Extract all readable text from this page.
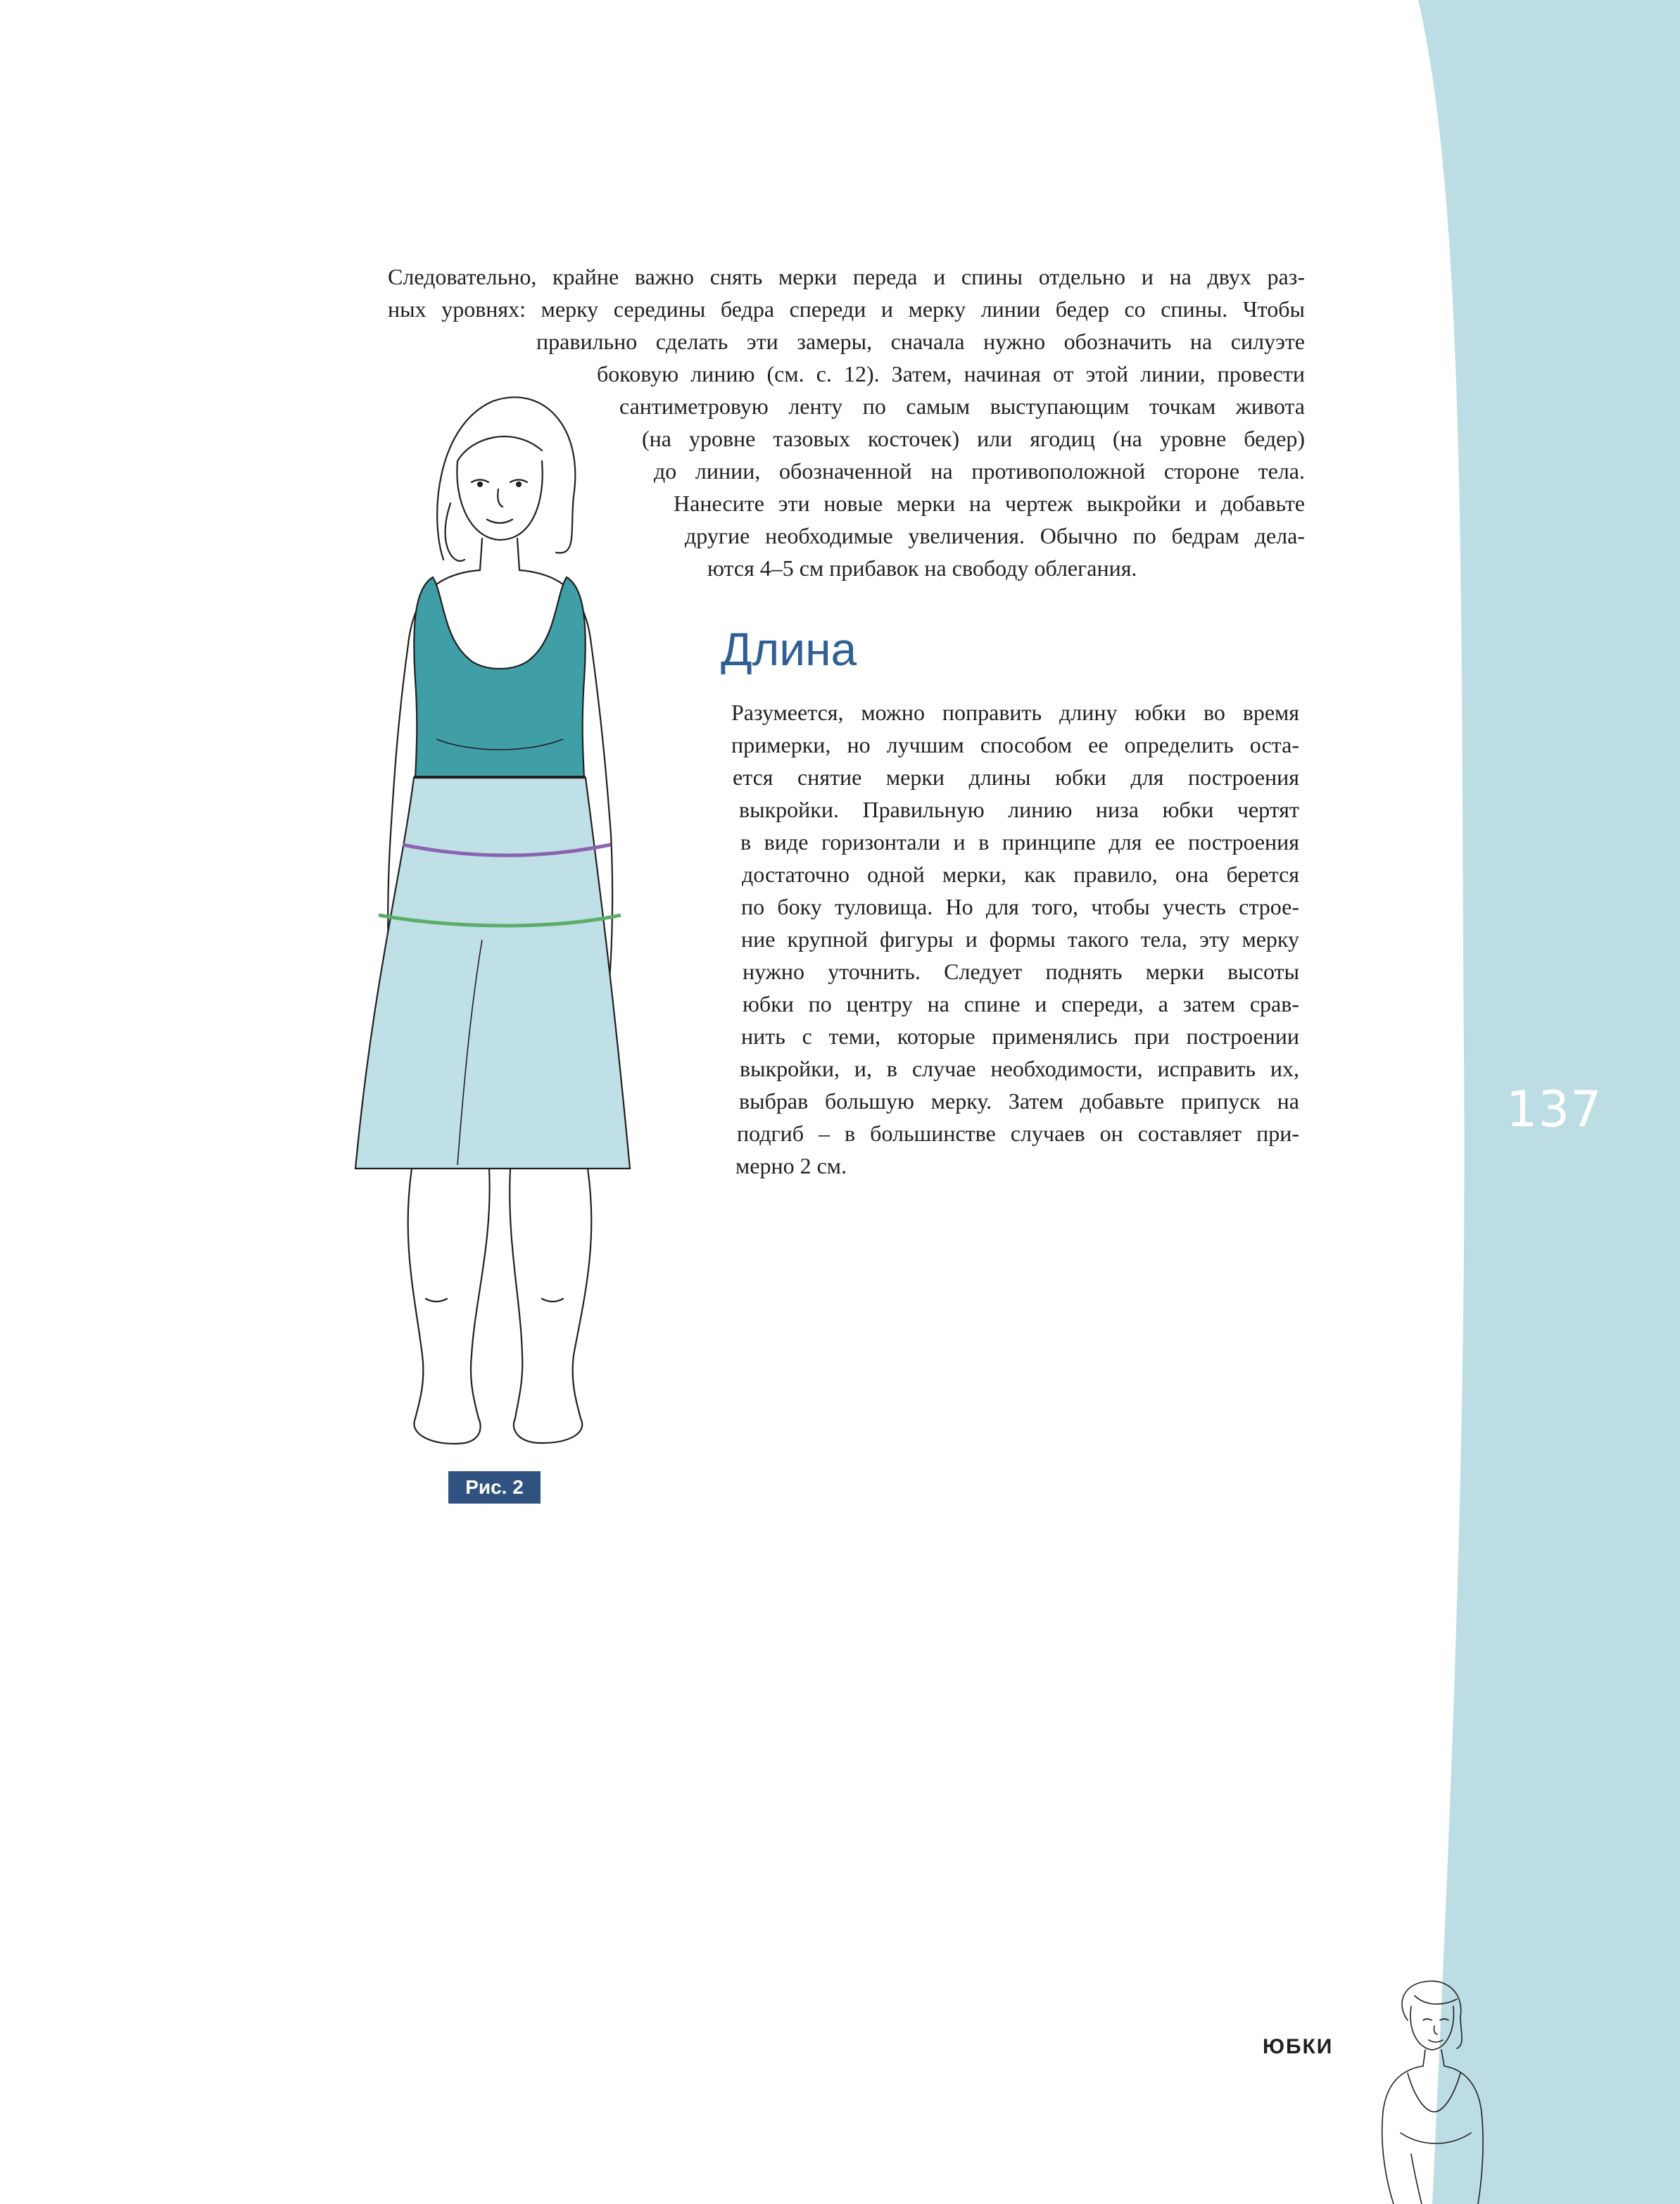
137
Следовательно, крайне важно снять мерки переда и спины отдельно и на двух раз-
ных уровнях: мерку середины бедра спереди и мерку линии бедер со спины. Чтобы
правильно сделать эти замеры, сначала нужно обозначить на силуэте
боковую линию (см. с. 12). Затем, начиная от этой линии, провести
сантиметровую ленту по самым выступающим точкам живота
(на уровне тазовых косточек) или ягодиц (на уровне бедер)
до линии, обозначенной на противоположной стороне тела.
Нанесите эти новые мерки на чертеж выкройки и добавьте
другие необходимые увеличения. Обычно по бедрам дела-
ются 4–5 см прибавок на свободу облегания.
Длина
Разумеется, можно поправить длину юбки во время
примерки, но лучшим способом ее определить оста-
ется снятие мерки длины юбки для построения
выкройки. Правильную линию низа юбки чертят
в виде горизонтали и в принципе для ее построения
достаточно одной мерки, как правило, она берется
по боку туловища. Но для того, чтобы учесть строе-
ние крупной фигуры и формы такого тела, эту мерку
нужно уточнить. Следует поднять мерки высоты
юбки по центру на спине и спереди, а затем срав-
нить с теми, которые применялись при построении
выкройки, и, в случае необходимости, исправить их,
выбрав большую мерку. Затем добавьте припуск на
подгиб – в большинстве случаев он составляет при-
мерно 2 см.
Рис. 2
ЮБКИ
